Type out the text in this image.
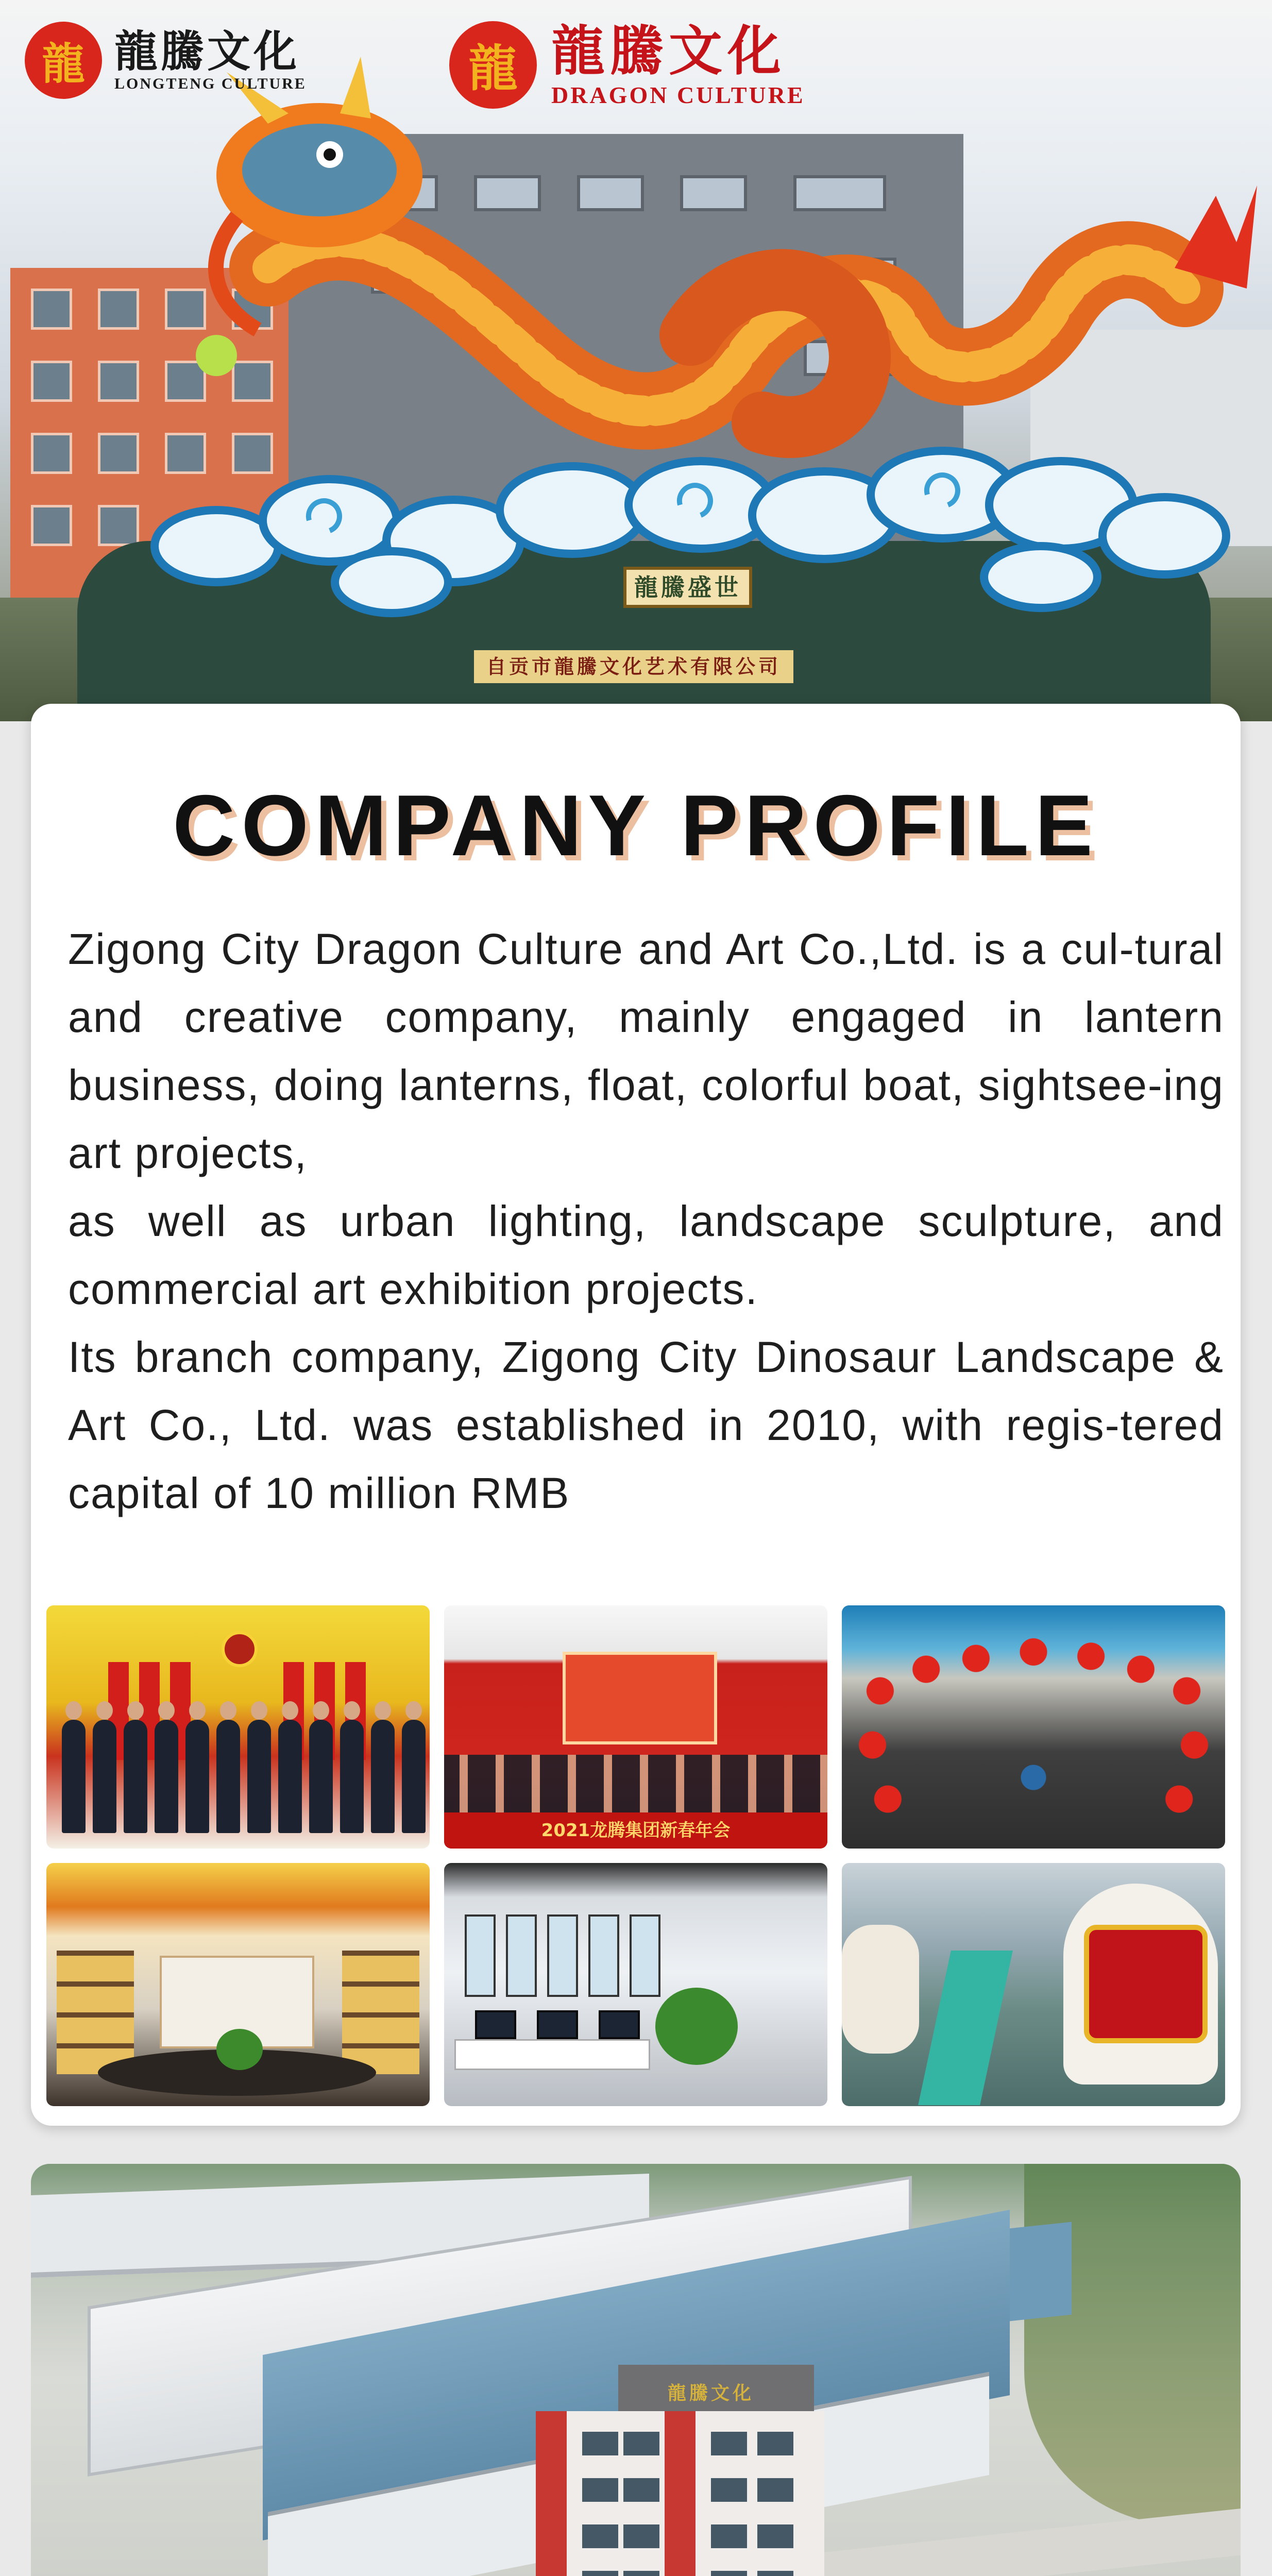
龍騰盛世
自贡市龍騰文化艺术有限公司
龍 龍騰文化
LONGTENG CULTURE	龍 龍騰文化
DRAGON CULTURE
COMPANY PROFILE

Zigong City Dragon Culture and Art Co.,Ltd. is a cul-tural and creative company, mainly engaged in lantern business, doing lanterns, float, colorful boat, sightsee-ing art projects,

as well as urban lighting, landscape sculpture, and commercial art exhibition projects.

Its branch company, Zigong City Dinosaur Landscape & Art Co., Ltd. was established in 2010, with regis-tered capital of 10 million RMB

2021龙腾集团新春年会
龍騰文化
